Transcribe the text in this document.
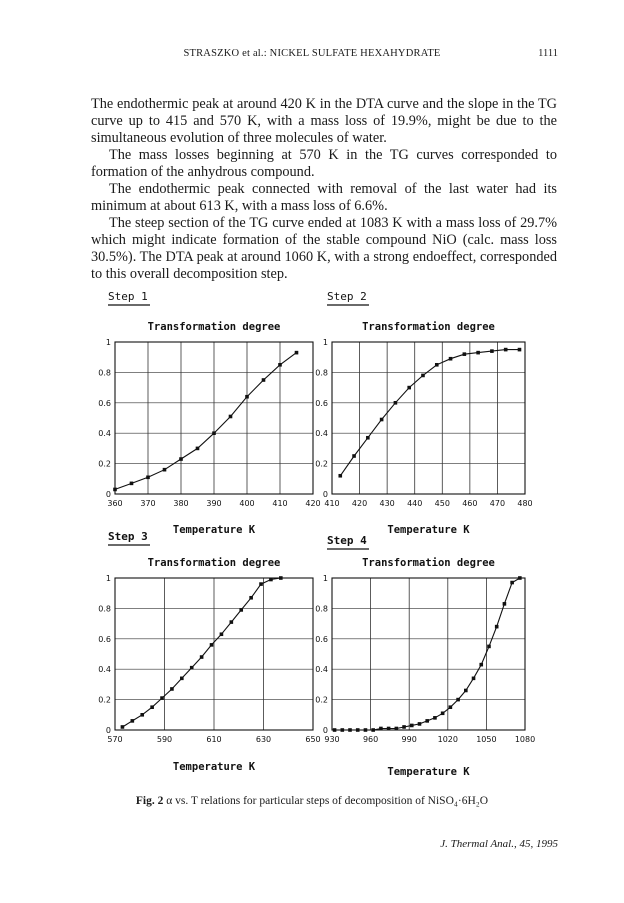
STRASZKO et al.: NICKEL SULFATE HEXAHYDRATE	1111

The endothermic peak at around 420 K in the DTA curve and the slope in the TG curve up to 415 and 570 K, with a mass loss of 19.9%, might be due to the simultaneous evolution of three molecules of water.

The mass losses beginning at 570 K in the TG curves corresponded to formation of the anhydrous compound.

The endothermic peak connected with removal of the last water had its minimum at about 613 K, with a mass loss of 6.6%.

The steep section of the TG curve ended at 1083 K with a mass loss of 29.7% which might indicate formation of the stable compound NiO (calc. mass loss 30.5%). The DTA peak at around 1060 K, with a strong endoeffect, corresponded to this overall decomposition step.

Step 1
Transformation degree
360 370 380 390 400 410 420
0
0.2
0.4
0.6
0.8
1
Temperature K
Step 2
Transformation degree
410 420 430 440 450 460 470 480
0
0.2
0.4
0.6
0.8
1
Temperature K
Step 3
Transformation degree
570	590	610	630	650
0
0.2
0.4
0.6
0.8
1
Temperature K
Step 4
Transformation degree
930	960	990	1020 1050 1080
0
0.2
0.4
0.6
0.8
1
Temperature K
Fig. 2 α vs. T relations for particular steps of decomposition of NiSO₄·6H₂O
J. Thermal Anal., 45, 1995
